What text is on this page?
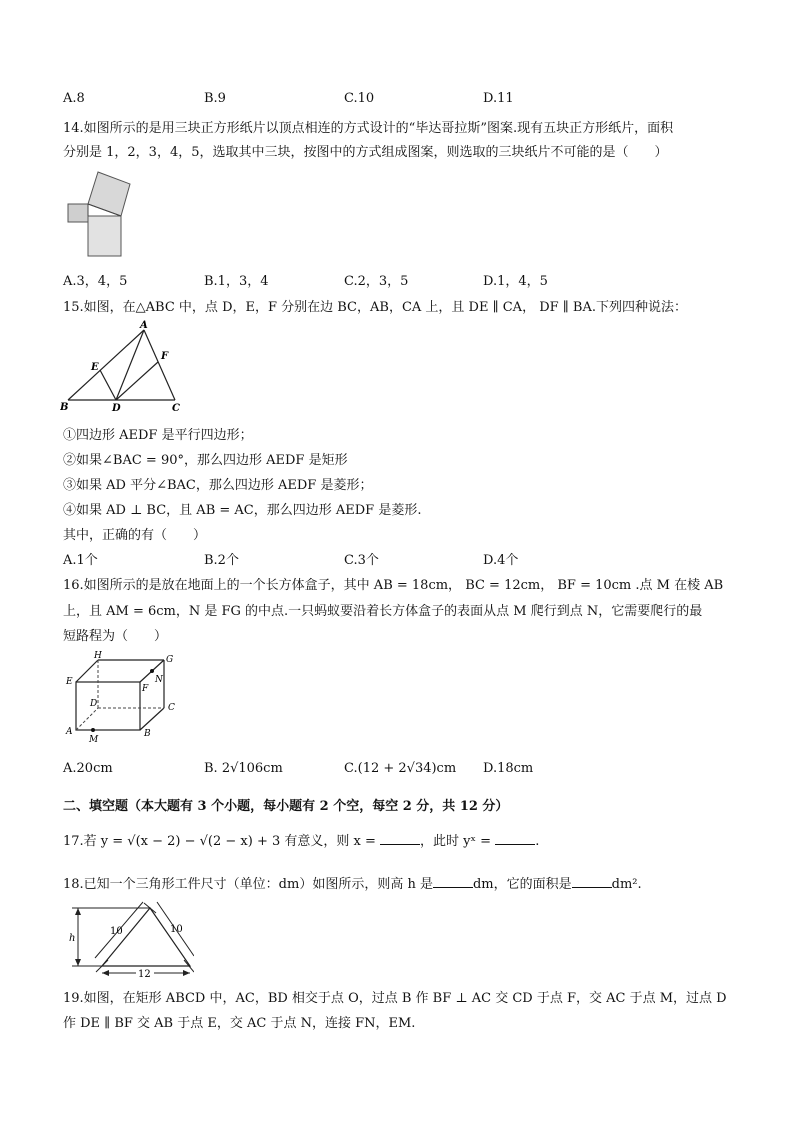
A.8	B.9	C.10	D.11
14.如图所示的是用三块正方形纸片以顶点相连的方式设计的“毕达哥拉斯”图案.现有五块正方形纸片，面积
分别是 1，2，3，4，5，选取其中三块，按图中的方式组成图案，则选取的三块纸片不可能的是（　　）
A.3，4，5	B.1，3，4	C.2，3，5	D.1，4，5
15.如图，在△ABC 中，点 D，E，F 分别在边 BC，AB，CA 上，且 DE ∥ CA， DF ∥ BA.下列四种说法：
A
B	C
D
E
F
①四边形 AEDF 是平行四边形；
②如果∠BAC = 90°，那么四边形 AEDF 是矩形
③如果 AD 平分∠BAC，那么四边形 AEDF 是菱形；
④如果 AD ⊥ BC，且 AB = AC，那么四边形 AEDF 是菱形.
其中，正确的有（　　）
A.1个	B.2个	C.3个	D.4个
16.如图所示的是放在地面上的一个长方体盒子，其中 AB = 18cm， BC = 12cm， BF = 10cm .点 M 在棱 AB
上，且 AM = 6cm，N 是 FG 的中点.一只蚂蚁要沿着长方体盒子的表面从点 M 爬行到点 N，它需要爬行的最
短路程为（　　）
H	G
E
F
N
D	C
A	B
M
A.20cm	B. 2√106cm	C.(12 + 2√34)cm D.18cm
二、填空题（本大题有 3 个小题，每小题有 2 个空，每空 2 分，共 12 分）
17.若 y = √(x − 2) − √(2 − x) + 3 有意义，则 x =	，此时 yˣ =	.
18.已知一个三角形工件尺寸（单位：dm）如图所示，则高 h 是	dm，它的面积是	dm².
h
10	10
12
19.如图，在矩形 ABCD 中，AC，BD 相交于点 O，过点 B 作 BF ⊥ AC 交 CD 于点 F，交 AC 于点 M，过点 D
作 DE ∥ BF 交 AB 于点 E，交 AC 于点 N，连接 FN，EM.
